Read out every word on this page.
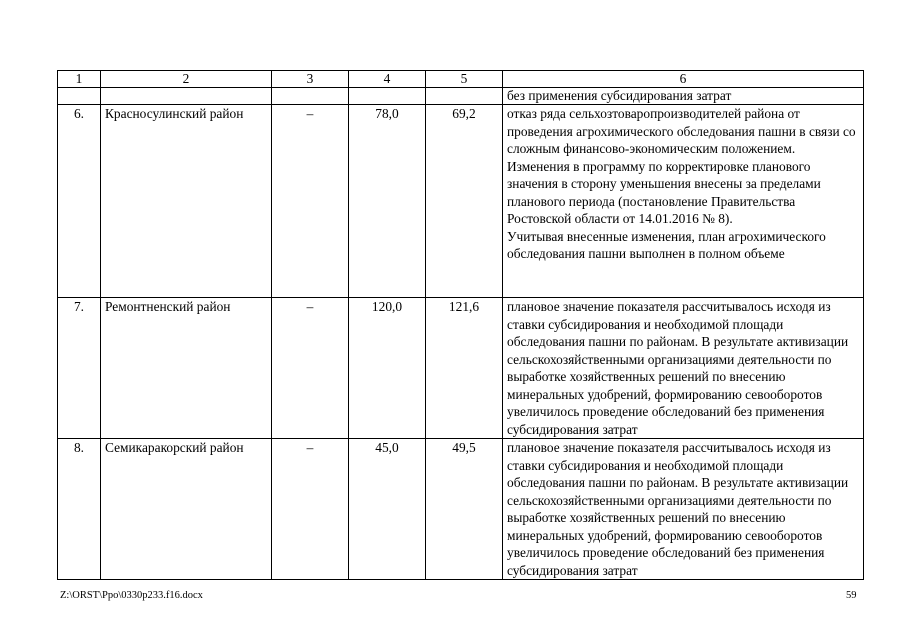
1	2	3	4	5	6
					без применения субсидирования затрат
6.	Красносулинский район	–	78,0	69,2	отказ ряда сельхозтоваропроизводителей района от проведения агрохимического обследования пашни в связи со сложным финансово-экономическим положением.
Изменения в программу по корректировке планового значения в сторону уменьшения внесены за пределами планового периода (постановление Правительства Ростовской области от 14.01.2016 № 8).
Учитывая внесенные изменения, план агрохимического обследования пашни выполнен в полном объеме

7.	Ремонтненский район	–	120,0	121,6	плановое значение показателя рассчитывалось исходя из ставки субсидирования и необходимой площади обследования пашни по районам. В результате активизации сельскохозяйственными организациями деятельности по выработке хозяйственных решений по внесению минеральных удобрений, формированию севооборотов увеличилось проведение обследований без применения субсидирования затрат
8.	Семикаракорский район	–	45,0	49,5	плановое значение показателя рассчитывалось исходя из ставки субсидирования и необходимой площади обследования пашни по районам. В результате активизации сельскохозяйственными организациями деятельности по выработке хозяйственных решений по внесению минеральных удобрений, формированию севооборотов увеличилось проведение обследований без применения субсидирования затрат
Z:\ORST\Ppo\0330p233.f16.docx	59
